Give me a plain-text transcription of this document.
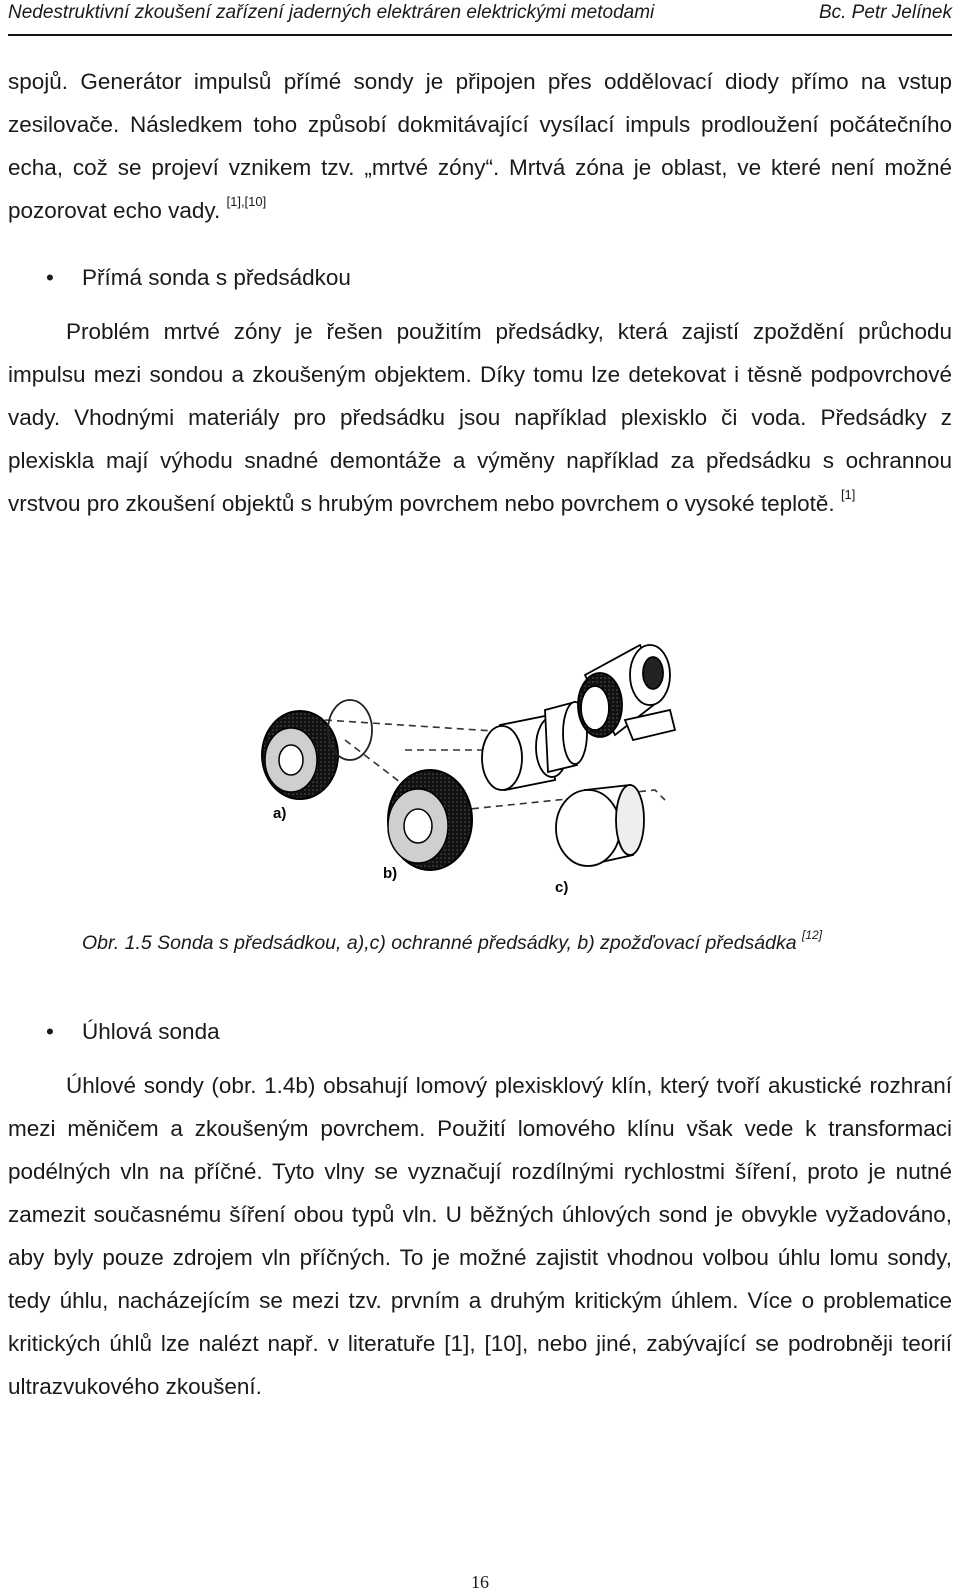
Nedestruktivní zkoušení zařízení jaderných elektráren elektrickými metodami	Bc. Petr Jelínek

spojů. Generátor impulsů přímé sondy je připojen přes oddělovací diody přímo na vstup zesilovače. Následkem toho způsobí dokmitávající vysílací impuls prodloužení počátečního echa, což se projeví vznikem tzv. „mrtvé zóny“. Mrtvá zóna je oblast, ve které není možné pozorovat echo vady. [1],[10]

• Přímá sonda s předsádkou

Problém mrtvé zóny je řešen použitím předsádky, která zajistí zpoždění průchodu impulsu mezi sondou a zkoušeným objektem. Díky tomu lze detekovat i těsně podpovrchové vady. Vhodnými materiály pro předsádku jsou například plexisklo či voda. Předsádky z plexiskla mají výhodu snadné demontáže a výměny například za předsádku s ochrannou vrstvou pro zkoušení objektů s hrubým povrchem nebo povrchem o vysoké teplotě. [1]

a)
b)
c)
Obr. 1.5 Sonda s předsádkou, a),c) ochranné předsádky, b) zpožďovací předsádka [12]
• Úhlová sonda

Úhlové sondy (obr. 1.4b) obsahují lomový plexisklový klín, který tvoří akustické rozhraní mezi měničem a zkoušeným povrchem. Použití lomového klínu však vede k transformaci podélných vln na příčné. Tyto vlny se vyznačují rozdílnými rychlostmi šíření, proto je nutné zamezit současnému šíření obou typů vln. U běžných úhlových sond je obvykle vyžadováno, aby byly pouze zdrojem vln příčných. To je možné zajistit vhodnou volbou úhlu lomu sondy, tedy úhlu, nacházejícím se mezi tzv. prvním a druhým kritickým úhlem. Více o problematice kritických úhlů lze nalézt např. v literatuře [1], [10], nebo jiné, zabývající se podrobněji teorií ultrazvukového zkoušení.

16
